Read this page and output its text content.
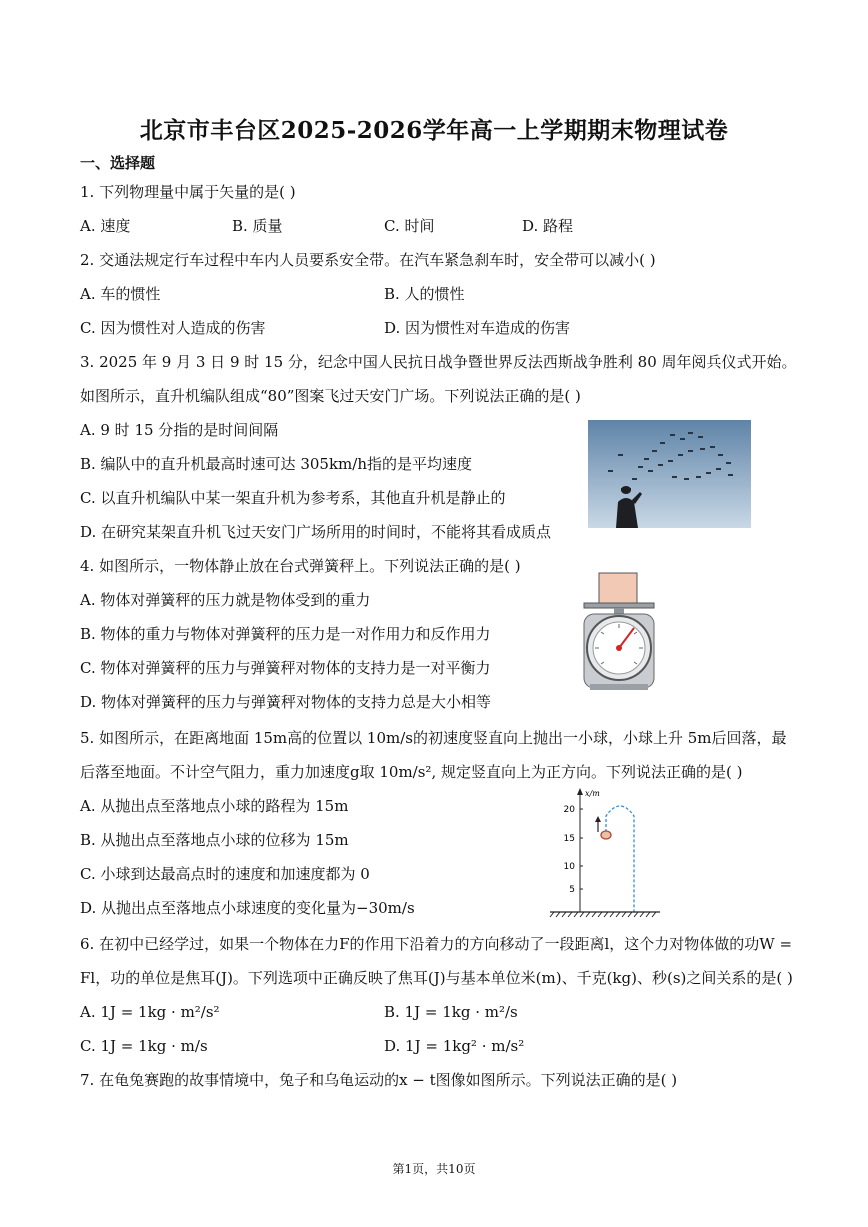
北京市丰台区2025-2026学年高一上学期期末物理试卷
一、选择题
1. 下列物理量中属于矢量的是( )
A. 速度	B. 质量	C. 时间	D. 路程
2. 交通法规定行车过程中车内人员要系安全带。在汽车紧急刹车时，安全带可以减小( )
A. 车的惯性	B. 人的惯性
C. 因为惯性对人造成的伤害	D. 因为惯性对车造成的伤害
3. 2025 年 9 月 3 日 9 时 15 分，纪念中国人民抗日战争暨世界反法西斯战争胜利 80 周年阅兵仪式开始。
如图所示，直升机编队组成“80”图案飞过天安门广场。下列说法正确的是( )
A. 9 时 15 分指的是时间间隔
B. 编队中的直升机最高时速可达 305km/h指的是平均速度
C. 以直升机编队中某一架直升机为参考系，其他直升机是静止的
D. 在研究某架直升机飞过天安门广场所用的时间时，不能将其看成质点
4. 如图所示，一物体静止放在台式弹簧秤上。下列说法正确的是( )
A. 物体对弹簧秤的压力就是物体受到的重力
B. 物体的重力与物体对弹簧秤的压力是一对作用力和反作用力
C. 物体对弹簧秤的压力与弹簧秤对物体的支持力是一对平衡力
D. 物体对弹簧秤的压力与弹簧秤对物体的支持力总是大小相等
5. 如图所示，在距离地面 15m高的位置以 10m/s的初速度竖直向上抛出一小球，小球上升 5m后回落，最
后落至地面。不计空气阻力，重力加速度g取 10m/s², 规定竖直向上为正方向。下列说法正确的是( )
A. 从抛出点至落地点小球的路程为 15m
B. 从抛出点至落地点小球的位移为 15m
C. 小球到达最高点时的速度和加速度都为 0
D. 从抛出点至落地点小球速度的变化量为−30m/s
x/m
20
15
10
5
6. 在初中已经学过，如果一个物体在力F的作用下沿着力的方向移动了一段距离l，这个力对物体做的功W =
Fl，功的单位是焦耳(J)。下列选项中正确反映了焦耳(J)与基本单位米(m)、千克(kg)、秒(s)之间关系的是( )
A. 1J = 1kg · m²/s²	B. 1J = 1kg · m²/s
C. 1J = 1kg · m/s	D. 1J = 1kg² · m/s²
7. 在龟兔赛跑的故事情境中，兔子和乌龟运动的x − t图像如图所示。下列说法正确的是( )
第1页，共10页
